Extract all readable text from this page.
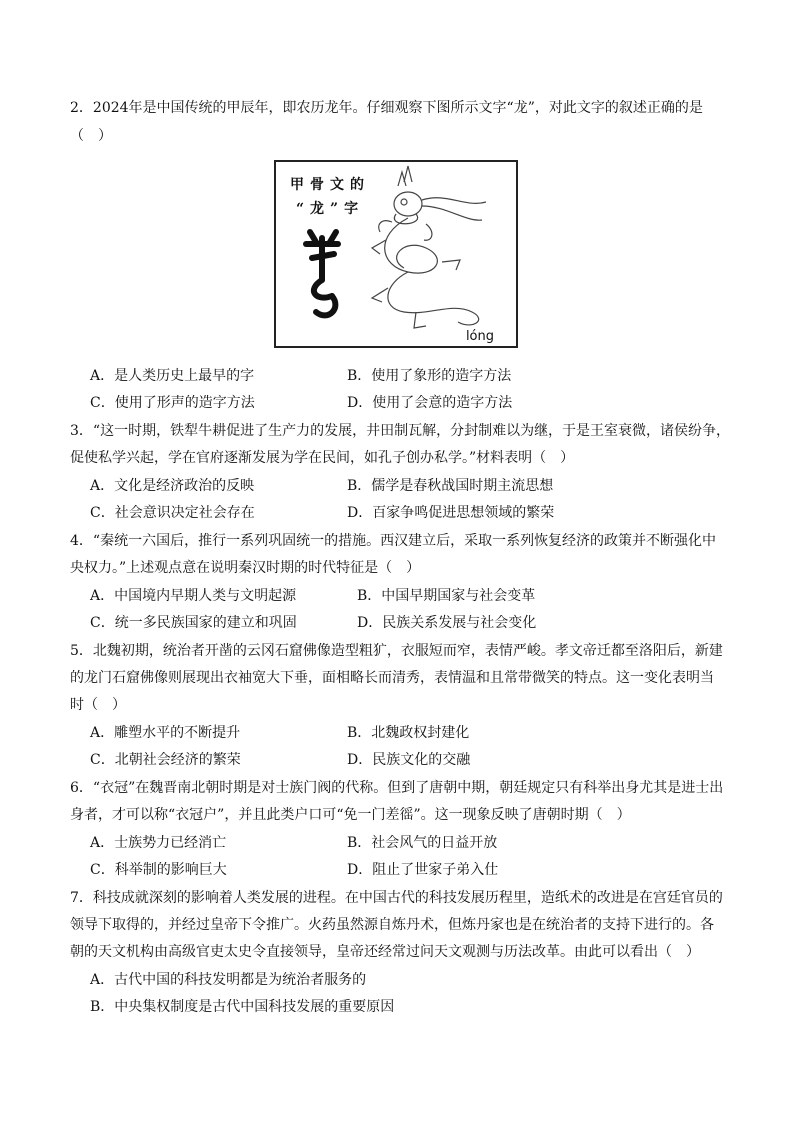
2．2024年是中国传统的甲辰年，即农历龙年。仔细观察下图所示文字“龙”，对此文字的叙述正确的是
（　）
甲骨文的
“龙”字
lóng
A．是人类历史上最早的字	B．使用了象形的造字方法
C．使用了形声的造字方法	D．使用了会意的造字方法
3．“这一时期，铁犁牛耕促进了生产力的发展，井田制瓦解，分封制难以为继，于是王室衰微，诸侯纷争，
促使私学兴起，学在官府逐渐发展为学在民间，如孔子创办私学。”材料表明（　）
A．文化是经济政治的反映	B．儒学是春秋战国时期主流思想
C．社会意识决定社会存在	D．百家争鸣促进思想领域的繁荣
4．“秦统一六国后，推行一系列巩固统一的措施。西汉建立后，采取一系列恢复经济的政策并不断强化中
央权力。”上述观点意在说明秦汉时期的时代特征是（　）
A．中国境内早期人类与文明起源	B．中国早期国家与社会变革
C．统一多民族国家的建立和巩固	D．民族关系发展与社会变化
5．北魏初期，统治者开凿的云冈石窟佛像造型粗犷，衣服短而窄，表情严峻。孝文帝迁都至洛阳后，新建
的龙门石窟佛像则展现出衣袖宽大下垂，面相略长而清秀，表情温和且常带微笑的特点。这一变化表明当
时（　）
A．雕塑水平的不断提升	B．北魏政权封建化
C．北朝社会经济的繁荣	D．民族文化的交融
6．“衣冠”在魏晋南北朝时期是对士族门阀的代称。但到了唐朝中期，朝廷规定只有科举出身尤其是进士出
身者，才可以称“衣冠户”，并且此类户口可“免一门差徭”。这一现象反映了唐朝时期（　）
A．士族势力已经消亡	B．社会风气的日益开放
C．科举制的影响巨大	D．阻止了世家子弟入仕
7．科技成就深刻的影响着人类发展的进程。在中国古代的科技发展历程里，造纸术的改进是在宫廷官员的
领导下取得的，并经过皇帝下令推广。火药虽然源自炼丹术，但炼丹家也是在统治者的支持下进行的。各
朝的天文机构由高级官吏太史令直接领导，皇帝还经常过问天文观测与历法改革。由此可以看出（　）
A．古代中国的科技发明都是为统治者服务的
B．中央集权制度是古代中国科技发展的重要原因
